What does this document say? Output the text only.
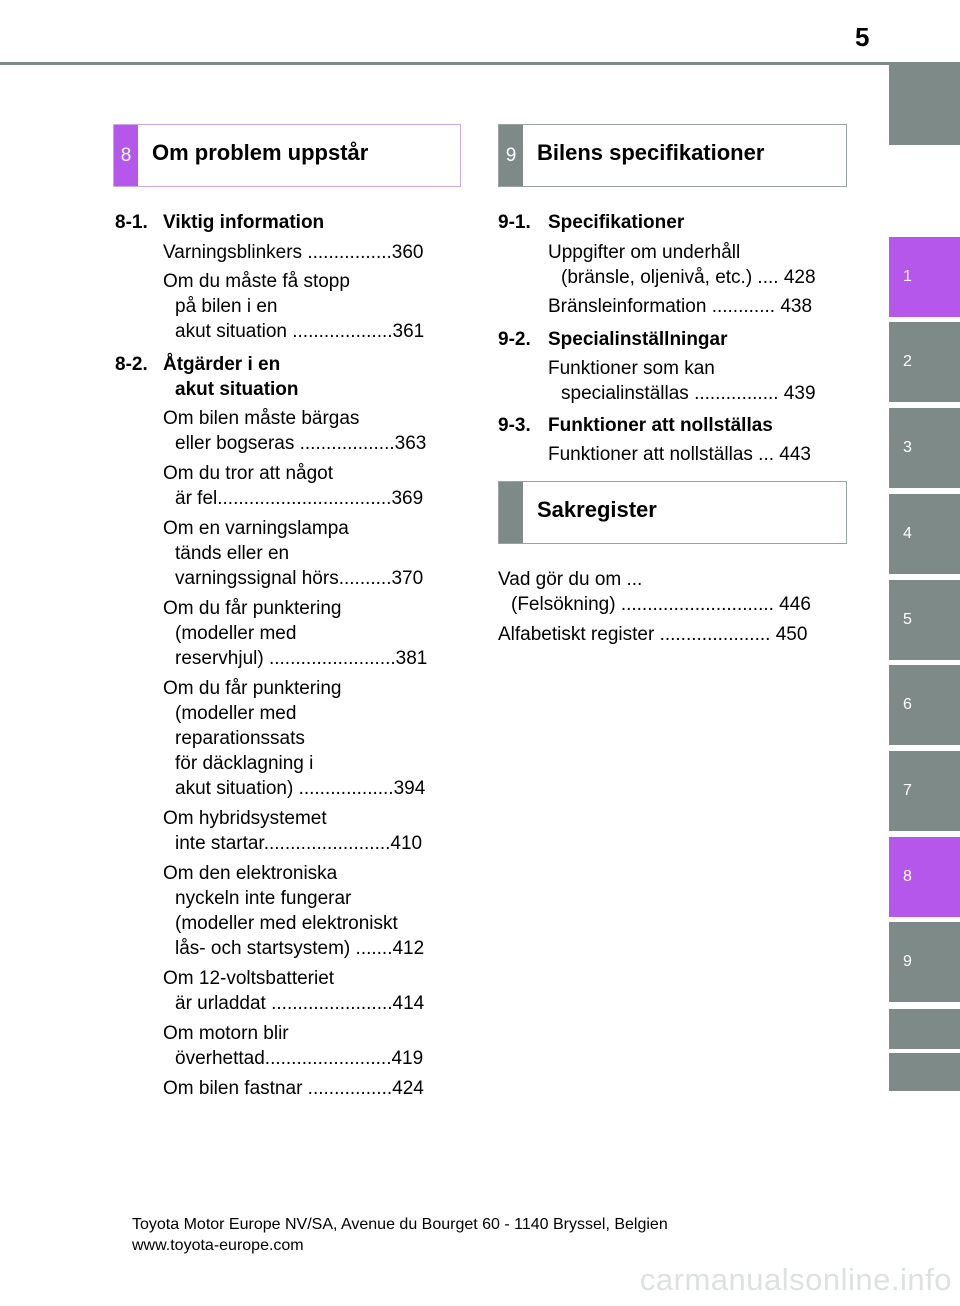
5
1
2
3
4
5
6
7
8
9
8 Om problem uppstår	9 Bilens specifikationer
8-1. Viktig information
Varningsblinkers ................360
Om du måste få stopp
på bilen i en
akut situation ...................361
8-2. Åtgärder i en
akut situation
Om bilen måste bärgas
eller bogseras ..................363
Om du tror att något
är fel.................................369
Om en varningslampa
tänds eller en
varningssignal hörs..........370
Om du får punktering
(modeller med
reservhjul) ........................381
Om du får punktering
(modeller med
reparationssats
för däcklagning i
akut situation) ..................394
Om hybridsystemet
inte startar........................410
Om den elektroniska
nyckeln inte fungerar
(modeller med elektroniskt
lås- och startsystem) .......412
Om 12-voltsbatteriet
är urladdat .......................414
Om motorn blir
överhettad........................419
Om bilen fastnar ................424
9-1. Specifikationer
Uppgifter om underhåll
(bränsle, oljenivå, etc.) .... 428
Bränsleinformation ............ 438
9-2. Specialinställningar
Funktioner som kan
specialinställas ................ 439
9-3. Funktioner att nollställas
Funktioner att nollställas ... 443
Sakregister
Vad gör du om ...
(Felsökning) ............................. 446
Alfabetiskt register ..................... 450
Toyota Motor Europe NV/SA, Avenue du Bourget 60 - 1140 Bryssel, Belgien
www.toyota-europe.com
carmanualsonline.info
